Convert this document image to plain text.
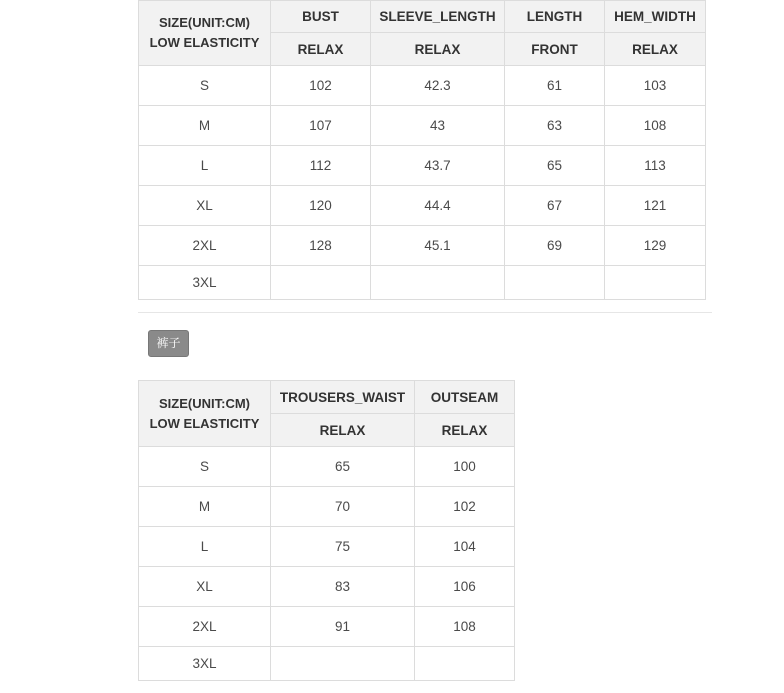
SIZE(UNIT:CM)
LOW ELASTICITY	BUST	SLEEVE_LENGTH	LENGTH	HEM_WIDTH
	RELAX	RELAX	FRONT	RELAX
S	102	42.3	61	103
M	107	43	63	108
L	112	43.7	65	113
XL	120	44.4	67	121
2XL	128	45.1	69	129
3XL				
裤子
SIZE(UNIT:CM)
LOW ELASTICITY	TROUSERS_WAIST	OUTSEAM
	RELAX	RELAX
S	65	100
M	70	102
L	75	104
XL	83	106
2XL	91	108
3XL		
